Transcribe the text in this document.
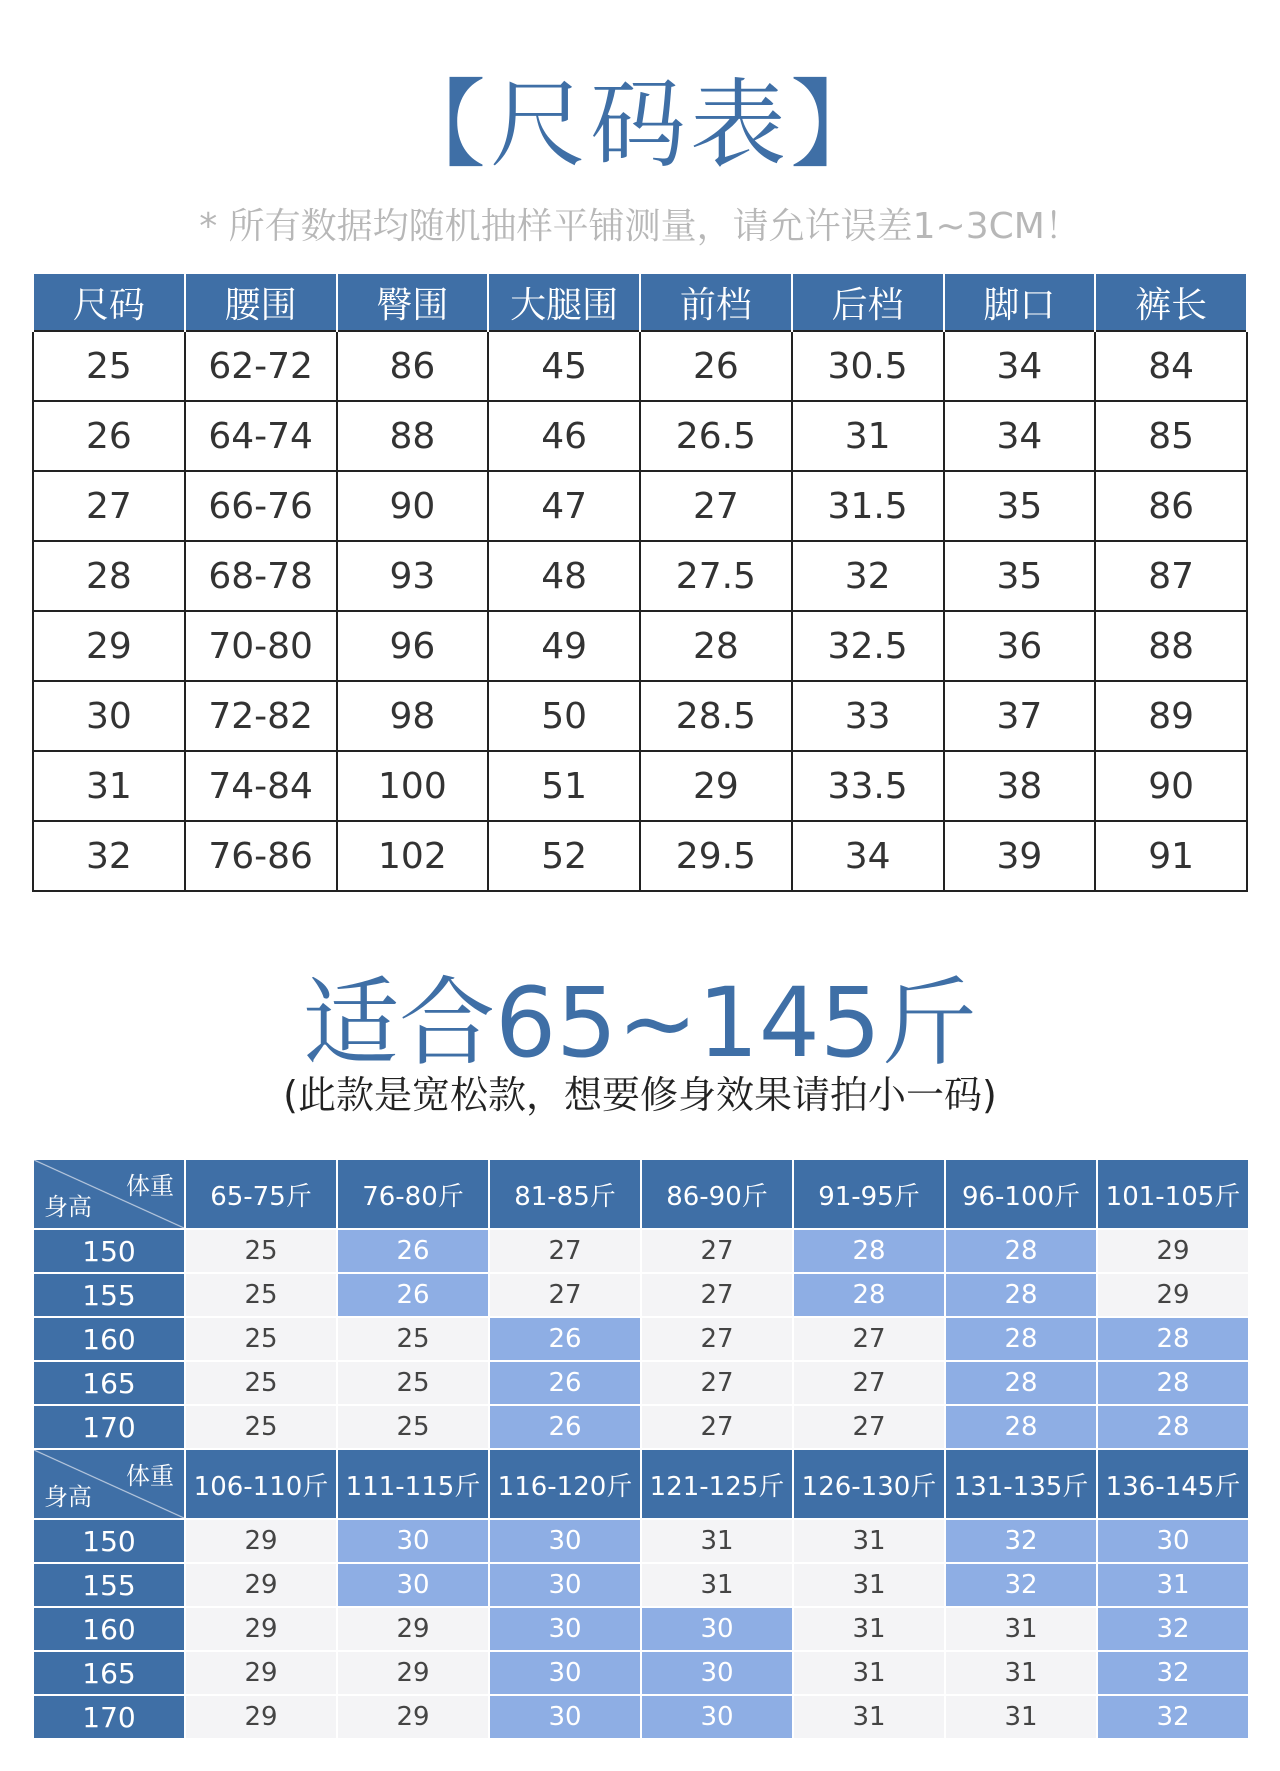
【尺码表】
* 所有数据均随机抽样平铺测量，请允许误差1~3CM！
尺码	腰围	臀围	大腿围	前档	后档	脚口	裤长
25	62-72	86	45	26	30.5	34	84
26	64-74	88	46	26.5	31	34	85
27	66-76	90	47	27	31.5	35	86
28	68-78	93	48	27.5	32	35	87
29	70-80	96	49	28	32.5	36	88
30	72-82	98	50	28.5	33	37	89
31	74-84	100	51	29	33.5	38	90
32	76-86	102	52	29.5	34	39	91
适合65~145斤
(此款是宽松款，想要修身效果请拍小一码)
体重
身高	65-75斤	76-80斤	81-85斤	86-90斤	91-95斤	96-100斤	101-105斤
150	25	26	27	27	28	28	29
155	25	26	27	27	28	28	29
160	25	25	26	27	27	28	28
165	25	25	26	27	27	28	28
170	25	25	26	27	27	28	28

体重
身高	106-110斤	111-115斤	116-120斤	121-125斤	126-130斤	131-135斤	136-145斤
150	29	30	30	31	31	32	30
155	29	30	30	31	31	32	31
160	29	29	30	30	31	31	32
165	29	29	30	30	31	31	32
170	29	29	30	30	31	31	32
